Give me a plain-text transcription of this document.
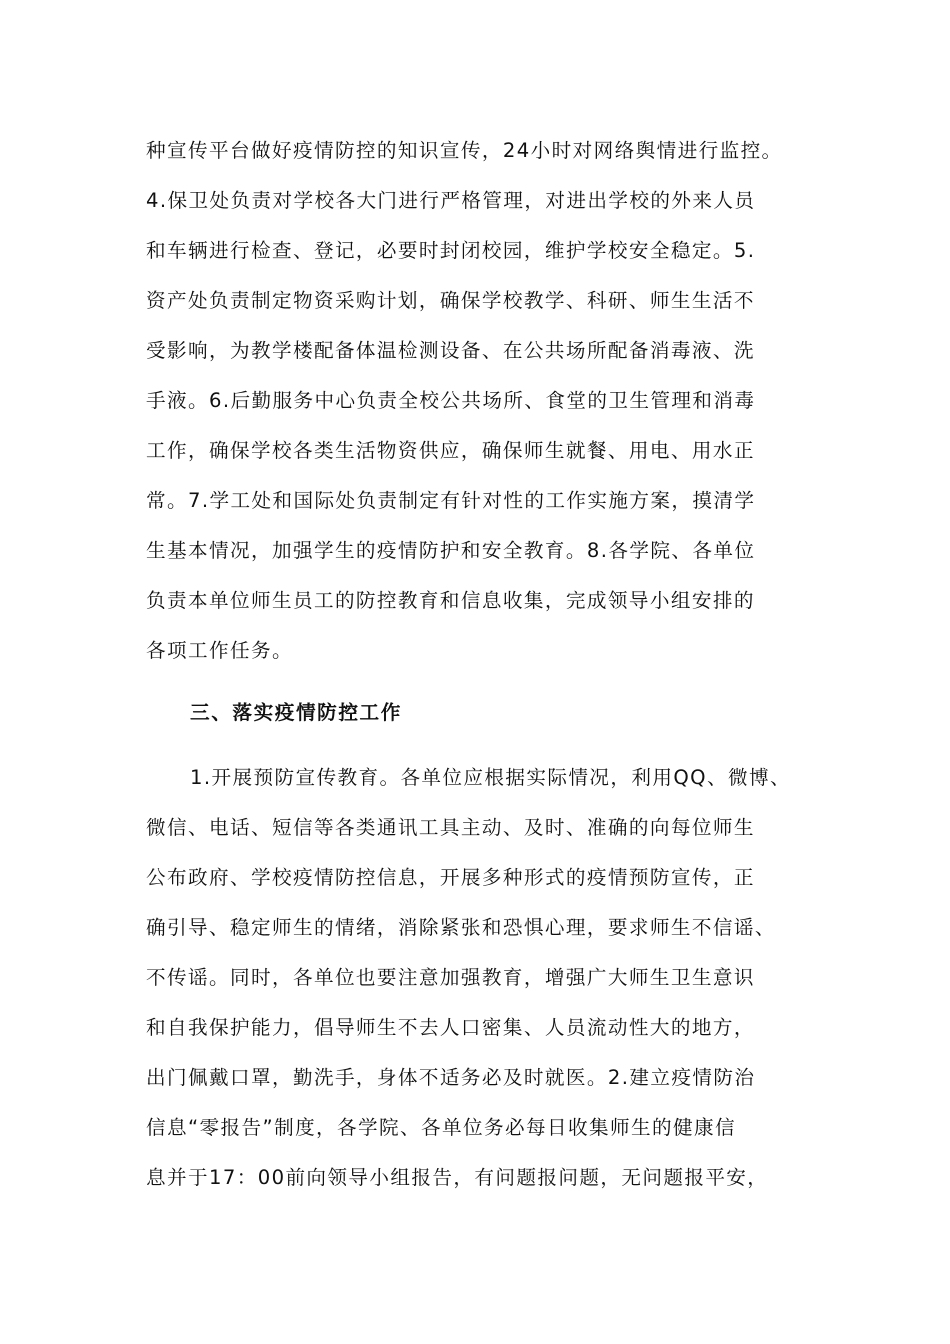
种宣传平台做好疫情防控的知识宣传，24小时对网络舆情进行监控。
4.保卫处负责对学校各大门进行严格管理，对进出学校的外来人员
和车辆进行检查、登记，必要时封闭校园，维护学校安全稳定。5.
资产处负责制定物资采购计划，确保学校教学、科研、师生生活不
受影响，为教学楼配备体温检测设备、在公共场所配备消毒液、洗
手液。6.后勤服务中心负责全校公共场所、食堂的卫生管理和消毒
工作，确保学校各类生活物资供应，确保师生就餐、用电、用水正
常。7.学工处和国际处负责制定有针对性的工作实施方案，摸清学
生基本情况，加强学生的疫情防护和安全教育。8.各学院、各单位
负责本单位师生员工的防控教育和信息收集，完成领导小组安排的
各项工作任务。
三、落实疫情防控工作
1.开展预防宣传教育。各单位应根据实际情况，利用QQ、微博、
微信、电话、短信等各类通讯工具主动、及时、准确的向每位师生
公布政府、学校疫情防控信息，开展多种形式的疫情预防宣传，正
确引导、稳定师生的情绪，消除紧张和恐惧心理，要求师生不信谣、
不传谣。同时，各单位也要注意加强教育，增强广大师生卫生意识
和自我保护能力，倡导师生不去人口密集、人员流动性大的地方，
出门佩戴口罩，勤洗手，身体不适务必及时就医。2.建立疫情防治
信息“零报告”制度，各学院、各单位务必每日收集师生的健康信
息并于17：00前向领导小组报告，有问题报问题，无问题报平安，
